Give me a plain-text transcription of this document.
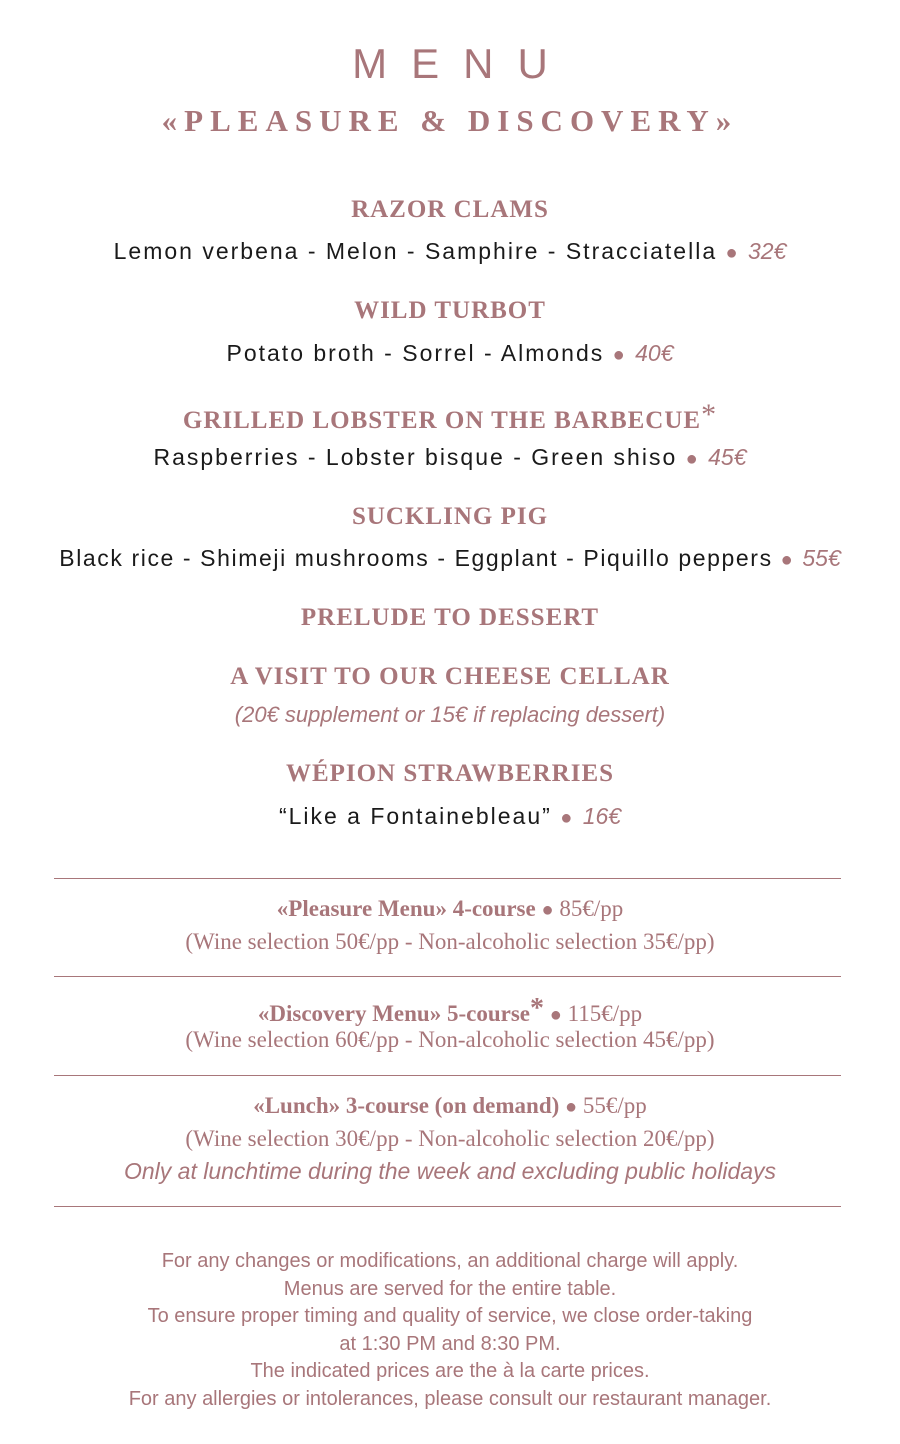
MENU
«PLEASURE & DISCOVERY»
RAZOR CLAMS
Lemon verbena - Melon - Samphire - Stracciatella ● 32€
WILD TURBOT
Potato broth - Sorrel - Almonds ● 40€
GRILLED LOBSTER ON THE BARBECUE*
Raspberries - Lobster bisque - Green shiso ● 45€
SUCKLING PIG
Black rice - Shimeji mushrooms - Eggplant - Piquillo peppers ● 55€
PRELUDE TO DESSERT
A VISIT TO OUR CHEESE CELLAR
(20€ supplement or 15€ if replacing dessert)
WÉPION STRAWBERRIES
“Like a Fontainebleau” ● 16€
«Pleasure Menu» 4-course ● 85€/pp
(Wine selection 50€/pp - Non-alcoholic selection 35€/pp)
«Discovery Menu» 5-course* ● 115€/pp
(Wine selection 60€/pp - Non-alcoholic selection 45€/pp)
«Lunch» 3-course (on demand) ● 55€/pp
(Wine selection 30€/pp - Non-alcoholic selection 20€/pp)
Only at lunchtime during the week and excluding public holidays
For any changes or modifications, an additional charge will apply.
Menus are served for the entire table.
To ensure proper timing and quality of service, we close order-taking
at 1:30 PM and 8:30 PM.
The indicated prices are the à la carte prices.
For any allergies or intolerances, please consult our restaurant manager.
